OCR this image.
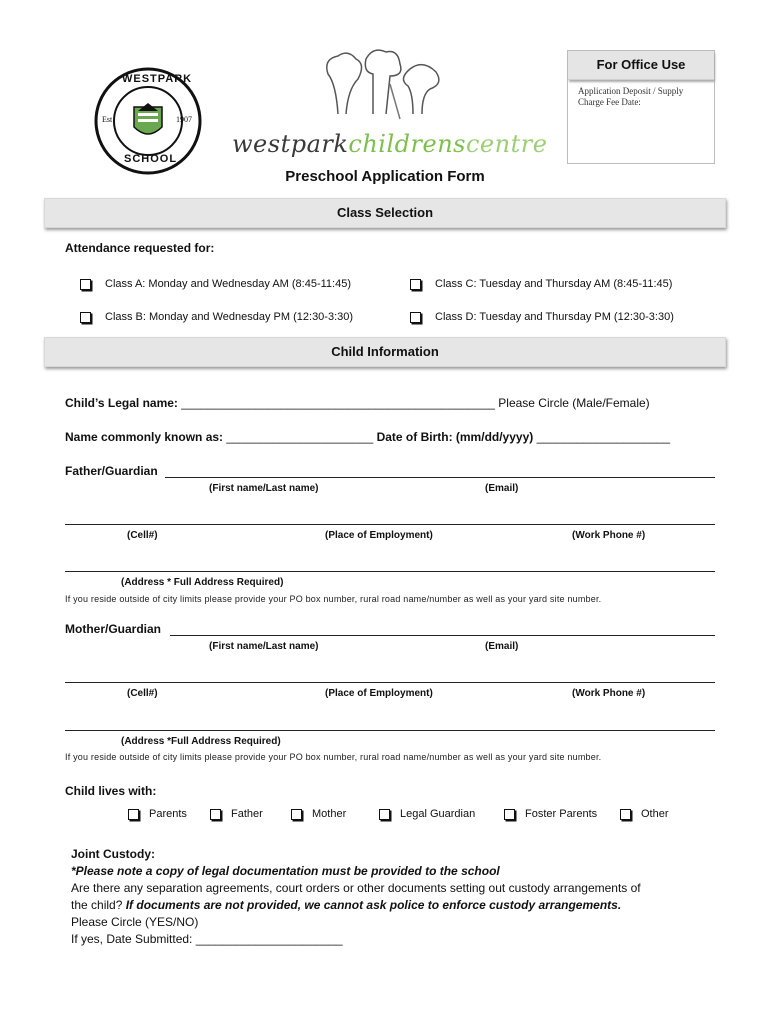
WESTPARK
SCHOOL
Est	1907
westparkchildrenscentre
For Office Use
Application Deposit / Supply
Charge Fee Date:
Preschool Application Form
Class Selection
Attendance requested for:
Class A: Monday and Wednesday AM (8:45-11:45)
Class B: Monday and Wednesday PM (12:30-3:30)
Class C: Tuesday and Thursday AM (8:45-11:45)
Class D: Tuesday and Thursday PM (12:30-3:30)
Child Information
Child’s Legal name: _______________________________________________ Please Circle (Male/Female)
Name commonly known as: ______________________ Date of Birth: (mm/dd/yyyy) ____________________
Father/Guardian
(First name/Last name)	(Email)
(Cell#)	(Place of Employment)	(Work Phone #)
(Address * Full Address Required)
If you reside outside of city limits please provide your PO box number, rural road name/number as well as your yard site number.
Mother/Guardian
(First name/Last name)	(Email)
(Cell#)	(Place of Employment)	(Work Phone #)
(Address *Full Address Required)
If you reside outside of city limits please provide your PO box number, rural road name/number as well as your yard site number.
Child lives with:
Parents	Father	Mother	Legal Guardian	Foster Parents	Other
Joint Custody:
*Please note a copy of legal documentation must be provided to the school
Are there any separation agreements, court orders or other documents setting out custody arrangements of
the child? If documents are not provided, we cannot ask police to enforce custody arrangements.
Please Circle (YES/NO)
If yes, Date Submitted: ______________________
